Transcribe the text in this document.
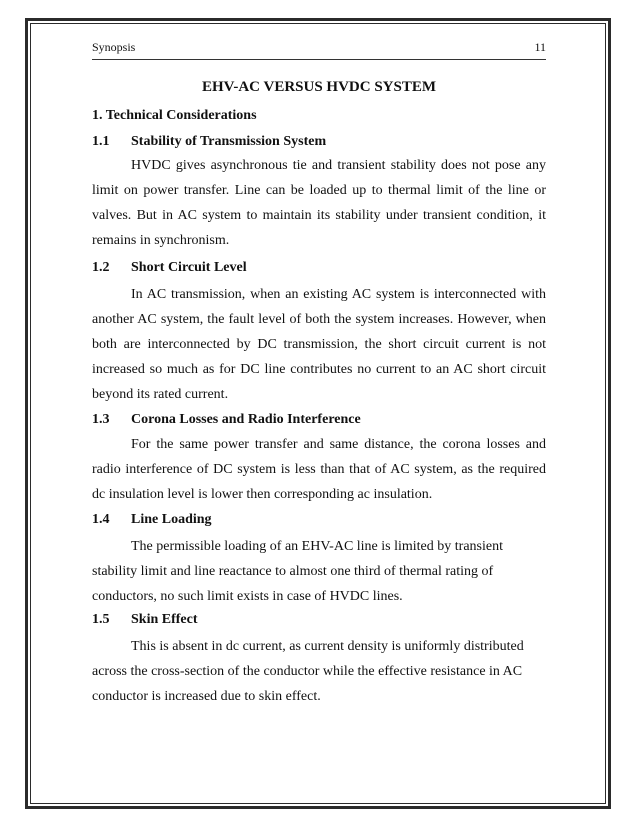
Synopsis	11
EHV-AC VERSUS HVDC SYSTEM
1. Technical Considerations
1.1 Stability of Transmission System

HVDC gives asynchronous tie and transient stability does not pose any limit on power transfer. Line can be loaded up to thermal limit of the line or valves. But in AC system to maintain its stability under transient condition, it remains in synchronism.

1.2 Short Circuit Level

In AC transmission, when an existing AC system is interconnected with another AC system, the fault level of both the system increases. However, when both are interconnected by DC transmission, the short circuit current is not increased so much as for DC line contributes no current to an AC short circuit beyond its rated current.

1.3 Corona Losses and Radio Interference

For the same power transfer and same distance, the corona losses and radio interference of DC system is less than that of AC system, as the required dc insulation level is lower then corresponding ac insulation.

1.4 Line Loading

The permissible loading of an EHV-AC line is limited by transient stability limit and line reactance to almost one third of thermal rating of conductors, no such limit exists in case of HVDC lines.

1.5 Skin Effect

This is absent in dc current, as current density is uniformly distributed across the cross-section of the conductor while the effective resistance in AC conductor is increased due to skin effect.
